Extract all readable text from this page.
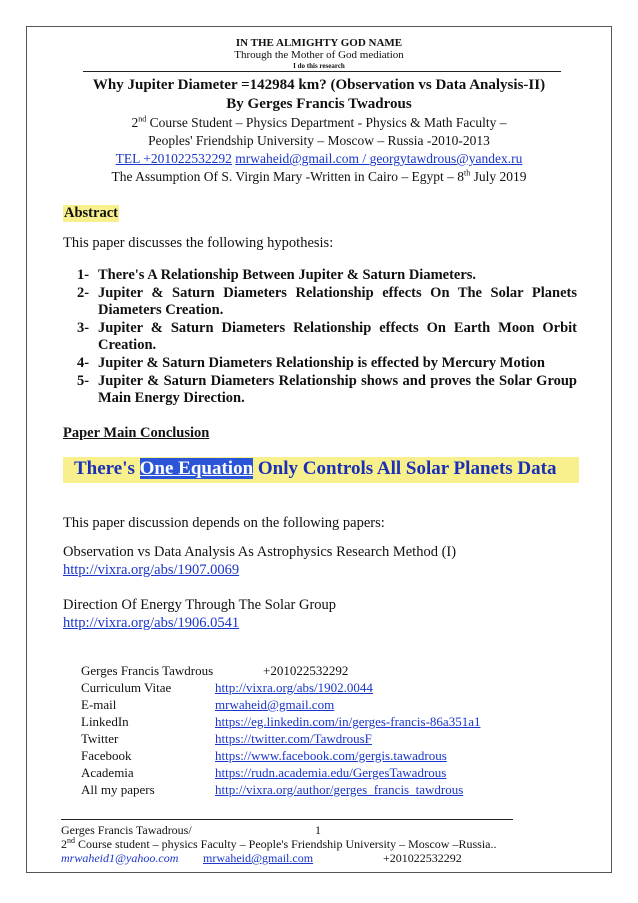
IN THE ALMIGHTY GOD NAME
Through the Mother of God mediation
I do this research
Why Jupiter Diameter =142984 km? (Observation vs Data Analysis-II)
By Gerges Francis Twadrous
2nd Course Student – Physics Department - Physics & Math Faculty –
Peoples' Friendship University – Moscow – Russia -2010-2013
TEL +201022532292 mrwaheid@gmail.com / georgytawdrous@yandex.ru
The Assumption Of S. Virgin Mary -Written in Cairo – Egypt – 8th July 2019
Abstract
This paper discusses the following hypothesis:
1- There's A Relationship Between Jupiter & Saturn Diameters.
2- Jupiter & Saturn Diameters Relationship effects On The Solar Planets Diameters Creation.
3- Jupiter & Saturn Diameters Relationship effects On Earth Moon Orbit Creation.
4- Jupiter & Saturn Diameters Relationship is effected by Mercury Motion
5- Jupiter & Saturn Diameters Relationship shows and proves the Solar Group Main Energy Direction.
Paper Main Conclusion
There's One Equation Only Controls All Solar Planets Data
This paper discussion depends on the following papers:
Observation vs Data Analysis As Astrophysics Research Method (I)
http://vixra.org/abs/1907.0069
Direction Of Energy Through The Solar Group
http://vixra.org/abs/1906.0541
Gerges Francis Tawdrous	+201022532292
Curriculum Vitae	http://vixra.org/abs/1902.0044
E-mail	mrwaheid@gmail.com
LinkedIn	https://eg.linkedin.com/in/gerges-francis-86a351a1
Twitter	https://twitter.com/TawdrousF
Facebook	https://www.facebook.com/gergis.tawadrous
Academia	https://rudn.academia.edu/GergesTawadrous
All my papers	http://vixra.org/author/gerges_francis_tawdrous
Gerges Francis Tawadrous/	1
2nd Course student – physics Faculty – People's Friendship University – Moscow –Russia..
mrwaheid1@yahoo.com mrwaheid@gmail.com	+201022532292
